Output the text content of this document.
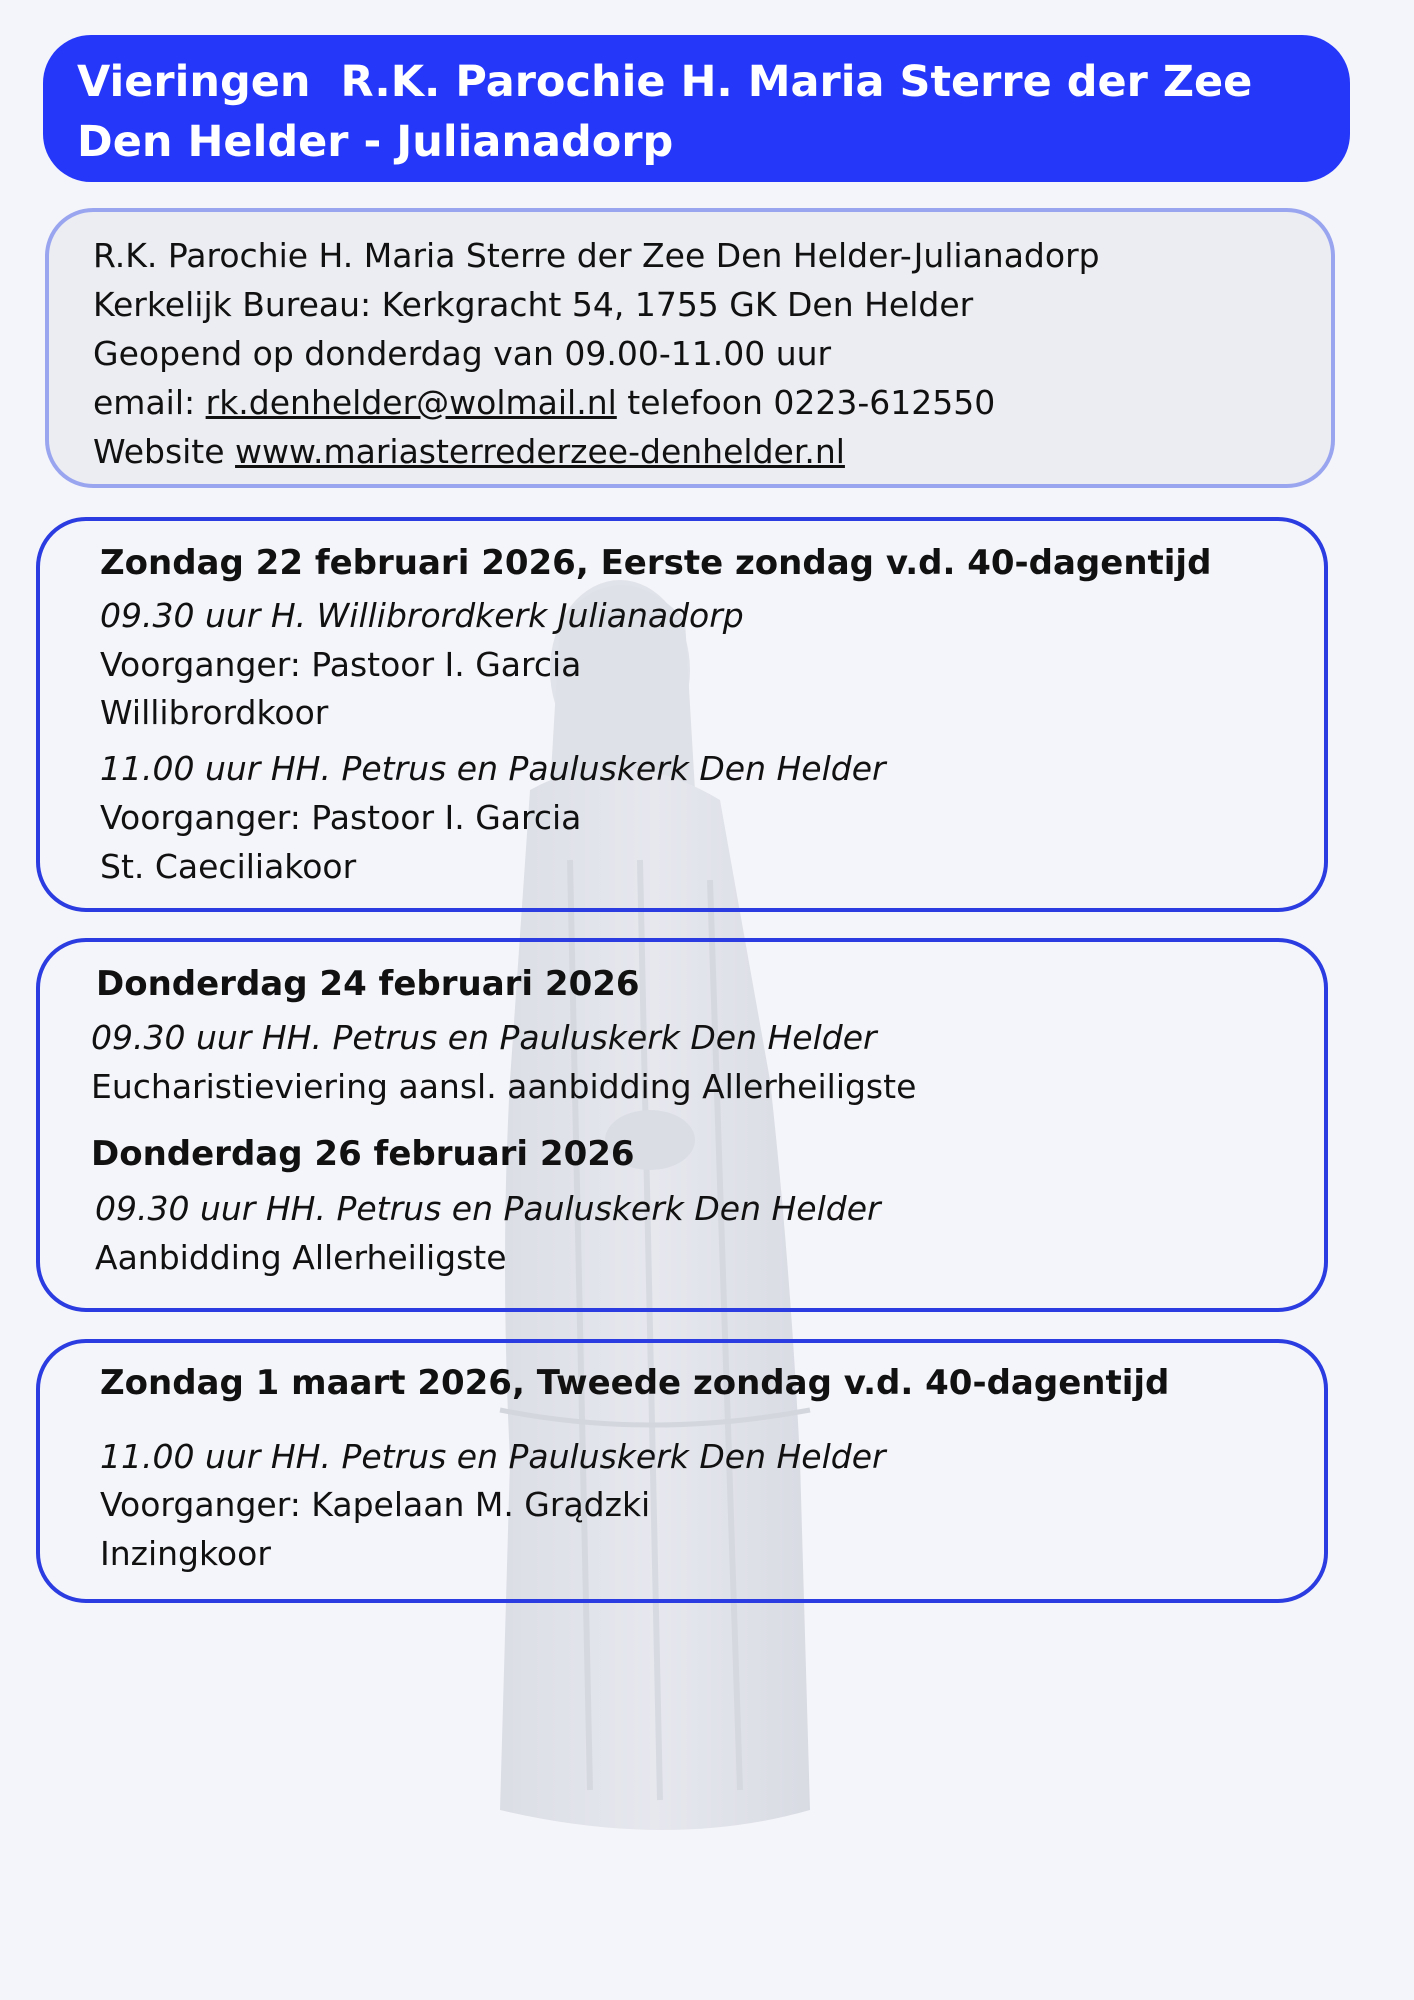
Vieringen  R.K. Parochie H. Maria Sterre der Zee
Den Helder - Julianadorp
R.K. Parochie H. Maria Sterre der Zee Den Helder-Julianadorp
Kerkelijk Bureau: Kerkgracht 54, 1755 GK Den Helder
Geopend op donderdag van 09.00-11.00 uur
email: rk.denhelder@wolmail.nl telefoon 0223-612550
Website www.mariasterrederzee-denhelder.nl
Zondag 22 februari 2026, Eerste zondag v.d. 40-dagentijd
09.30 uur H. Willibrordkerk Julianadorp
Voorganger: Pastoor I. Garcia
Willibrordkoor
11.00 uur HH. Petrus en Pauluskerk Den Helder
Voorganger: Pastoor I. Garcia
St. Caeciliakoor
Donderdag 24 februari 2026
09.30 uur HH. Petrus en Pauluskerk Den Helder
Eucharistieviering aansl. aanbidding Allerheiligste
Donderdag 26 februari 2026
09.30 uur HH. Petrus en Pauluskerk Den Helder
Aanbidding Allerheiligste
Zondag 1 maart 2026, Tweede zondag v.d. 40-dagentijd
11.00 uur HH. Petrus en Pauluskerk Den Helder
Voorganger: Kapelaan M. Grądzki
Inzingkoor
